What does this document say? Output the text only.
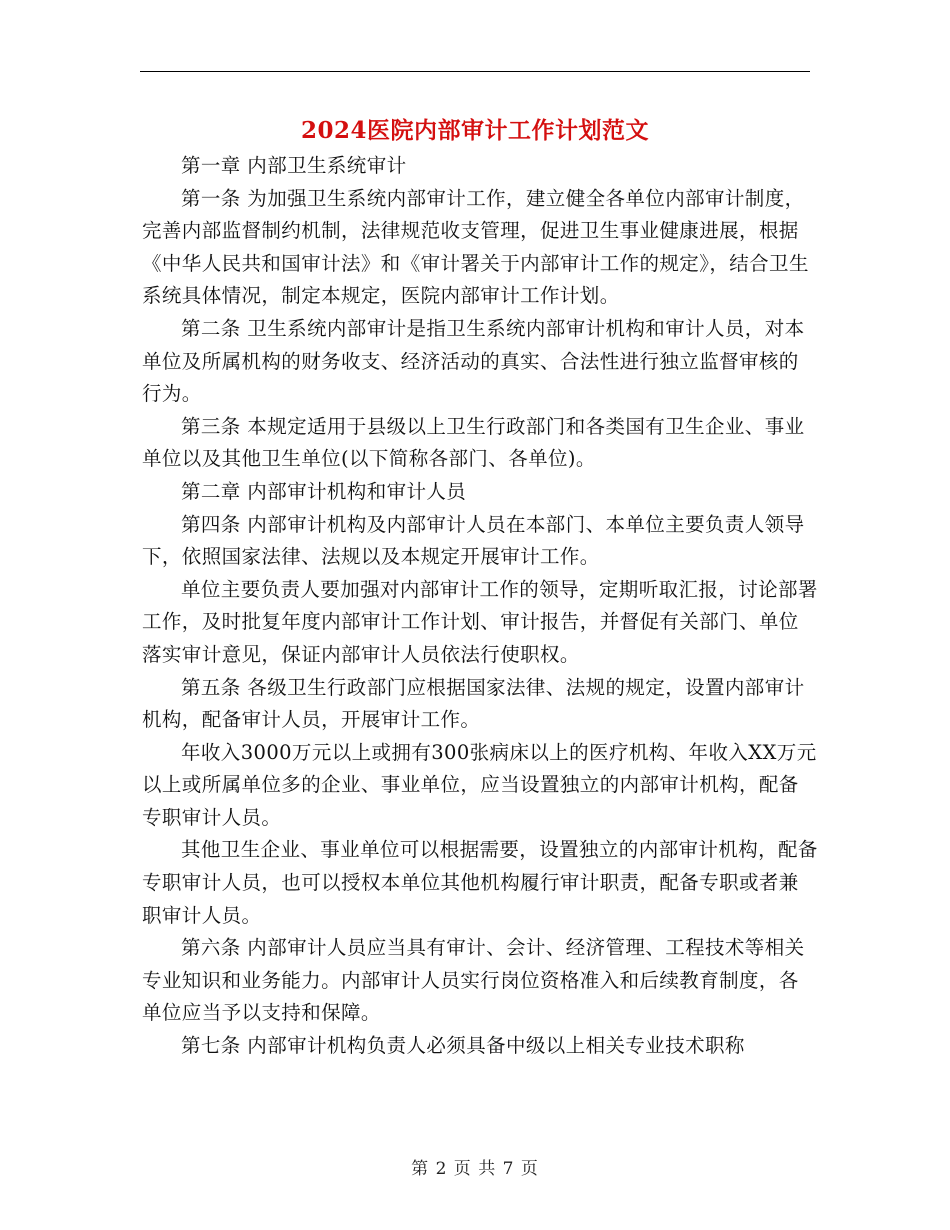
2024医院内部审计工作计划范文

第一章 内部卫生系统审计

第一条 为加强卫生系统内部审计工作，建立健全各单位内部审计制度，完善内部监督制约机制，法律规范收支管理，促进卫生事业健康进展，根据《中华人民共和国审计法》和《审计署关于内部审计工作的规定》，结合卫生系统具体情况，制定本规定，医院内部审计工作计划。

第二条 卫生系统内部审计是指卫生系统内部审计机构和审计人员，对本单位及所属机构的财务收支、经济活动的真实、合法性进行独立监督审核的行为。

第三条 本规定适用于县级以上卫生行政部门和各类国有卫生企业、事业单位以及其他卫生单位(以下简称各部门、各单位)。

第二章 内部审计机构和审计人员

第四条 内部审计机构及内部审计人员在本部门、本单位主要负责人领导下，依照国家法律、法规以及本规定开展审计工作。

单位主要负责人要加强对内部审计工作的领导，定期听取汇报，讨论部署工作，及时批复年度内部审计工作计划、审计报告，并督促有关部门、单位落实审计意见，保证内部审计人员依法行使职权。

第五条 各级卫生行政部门应根据国家法律、法规的规定，设置内部审计机构，配备审计人员，开展审计工作。

年收入3000万元以上或拥有300张病床以上的医疗机构、年收入XX万元以上或所属单位多的企业、事业单位，应当设置独立的内部审计机构，配备专职审计人员。

其他卫生企业、事业单位可以根据需要，设置独立的内部审计机构，配备专职审计人员，也可以授权本单位其他机构履行审计职责，配备专职或者兼职审计人员。

第六条 内部审计人员应当具有审计、会计、经济管理、工程技术等相关专业知识和业务能力。内部审计人员实行岗位资格准入和后续教育制度，各单位应当予以支持和保障。

第七条 内部审计机构负责人必须具备中级以上相关专业技术职称

第 2 页 共 7 页
